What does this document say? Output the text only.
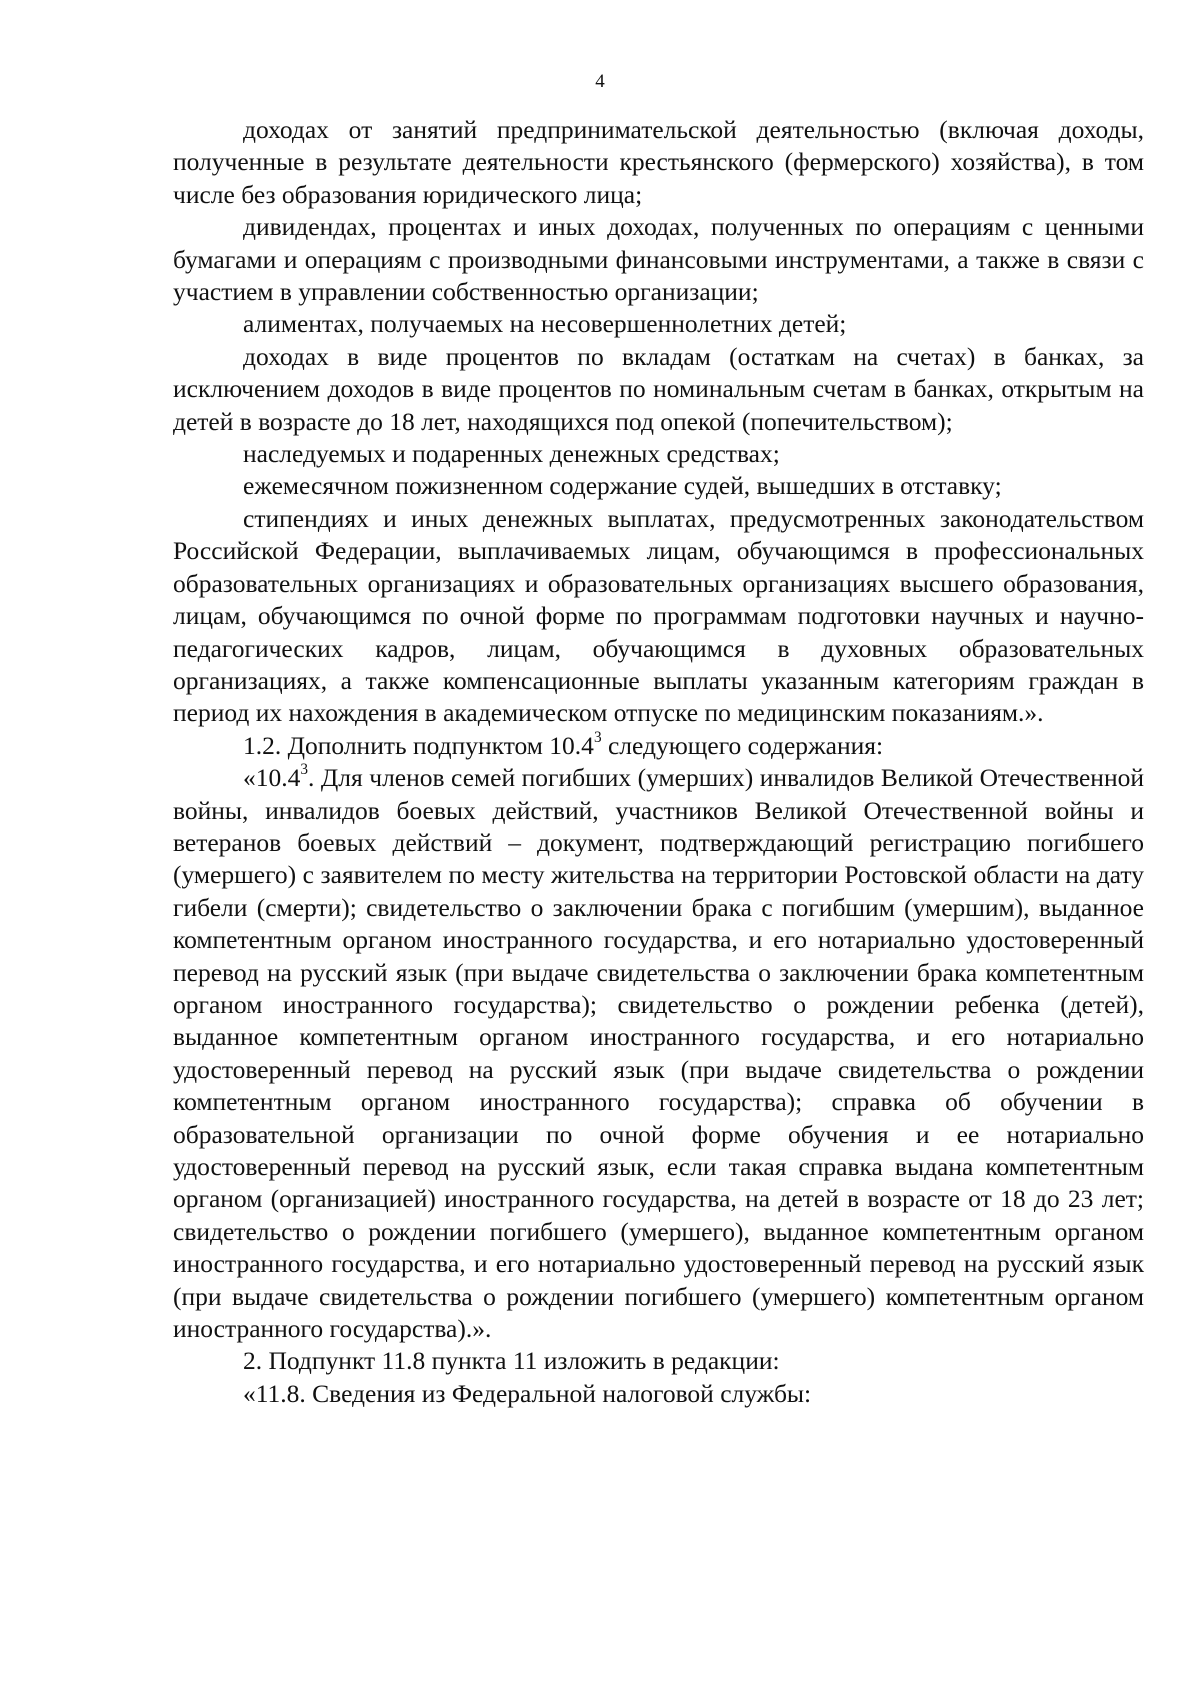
4

доходах от занятий предпринимательской деятельностью (включая доходы, полученные в результате деятельности крестьянского (фермерского) хозяйства), в том числе без образования юридического лица;

дивидендах, процентах и иных доходах, полученных по операциям с ценными бумагами и операциям с производными финансовыми инструментами, а также в связи с участием в управлении собственностью организации;

алиментах, получаемых на несовершеннолетних детей;

доходах в виде процентов по вкладам (остаткам на счетах) в банках, за исключением доходов в виде процентов по номинальным счетам в банках, открытым на детей в возрасте до 18 лет, находящихся под опекой (попечительством);

наследуемых и подаренных денежных средствах;

ежемесячном пожизненном содержание судей, вышедших в отставку;

стипендиях и иных денежных выплатах, предусмотренных законодательством Российской Федерации, выплачиваемых лицам, обучающимся в профессиональных образовательных организациях и образовательных организациях высшего образования, лицам, обучающимся по очной форме по программам подготовки научных и научно-педагогических кадров, лицам, обучающимся в духовных образовательных организациях, а также компенсационные выплаты указанным категориям граждан в период их нахождения в академическом отпуске по медицинским показаниям.».

1.2. Дополнить подпунктом 10.4$^3$ следующего содержания:

«10.4$^3$. Для членов семей погибших (умерших) инвалидов Великой Отечественной войны, инвалидов боевых действий, участников Великой Отечественной войны и ветеранов боевых действий – документ, подтверждающий регистрацию погибшего (умершего) с заявителем по месту жительства на территории Ростовской области на дату гибели (смерти); свидетельство о заключении брака с погибшим (умершим), выданное компетентным органом иностранного государства, и его нотариально удостоверенный перевод на русский язык (при выдаче свидетельства о заключении брака компетентным органом иностранного государства); свидетельство о рождении ребенка (детей), выданное компетентным органом иностранного государства, и его нотариально удостоверенный перевод на русский язык (при выдаче свидетельства о рождении компетентным органом иностранного государства); справка об обучении в образовательной организации по очной форме обучения и ее нотариально удостоверенный перевод на русский язык, если такая справка выдана компетентным органом (организацией) иностранного государства, на детей в возрасте от 18 до 23 лет; свидетельство о рождении погибшего (умершего), выданное компетентным органом иностранного государства, и его нотариально удостоверенный перевод на русский язык (при выдаче свидетельства о рождении погибшего (умершего) компетентным органом иностранного государства).».

2. Подпункт 11.8 пункта 11 изложить в редакции:

«11.8. Сведения из Федеральной налоговой службы:
